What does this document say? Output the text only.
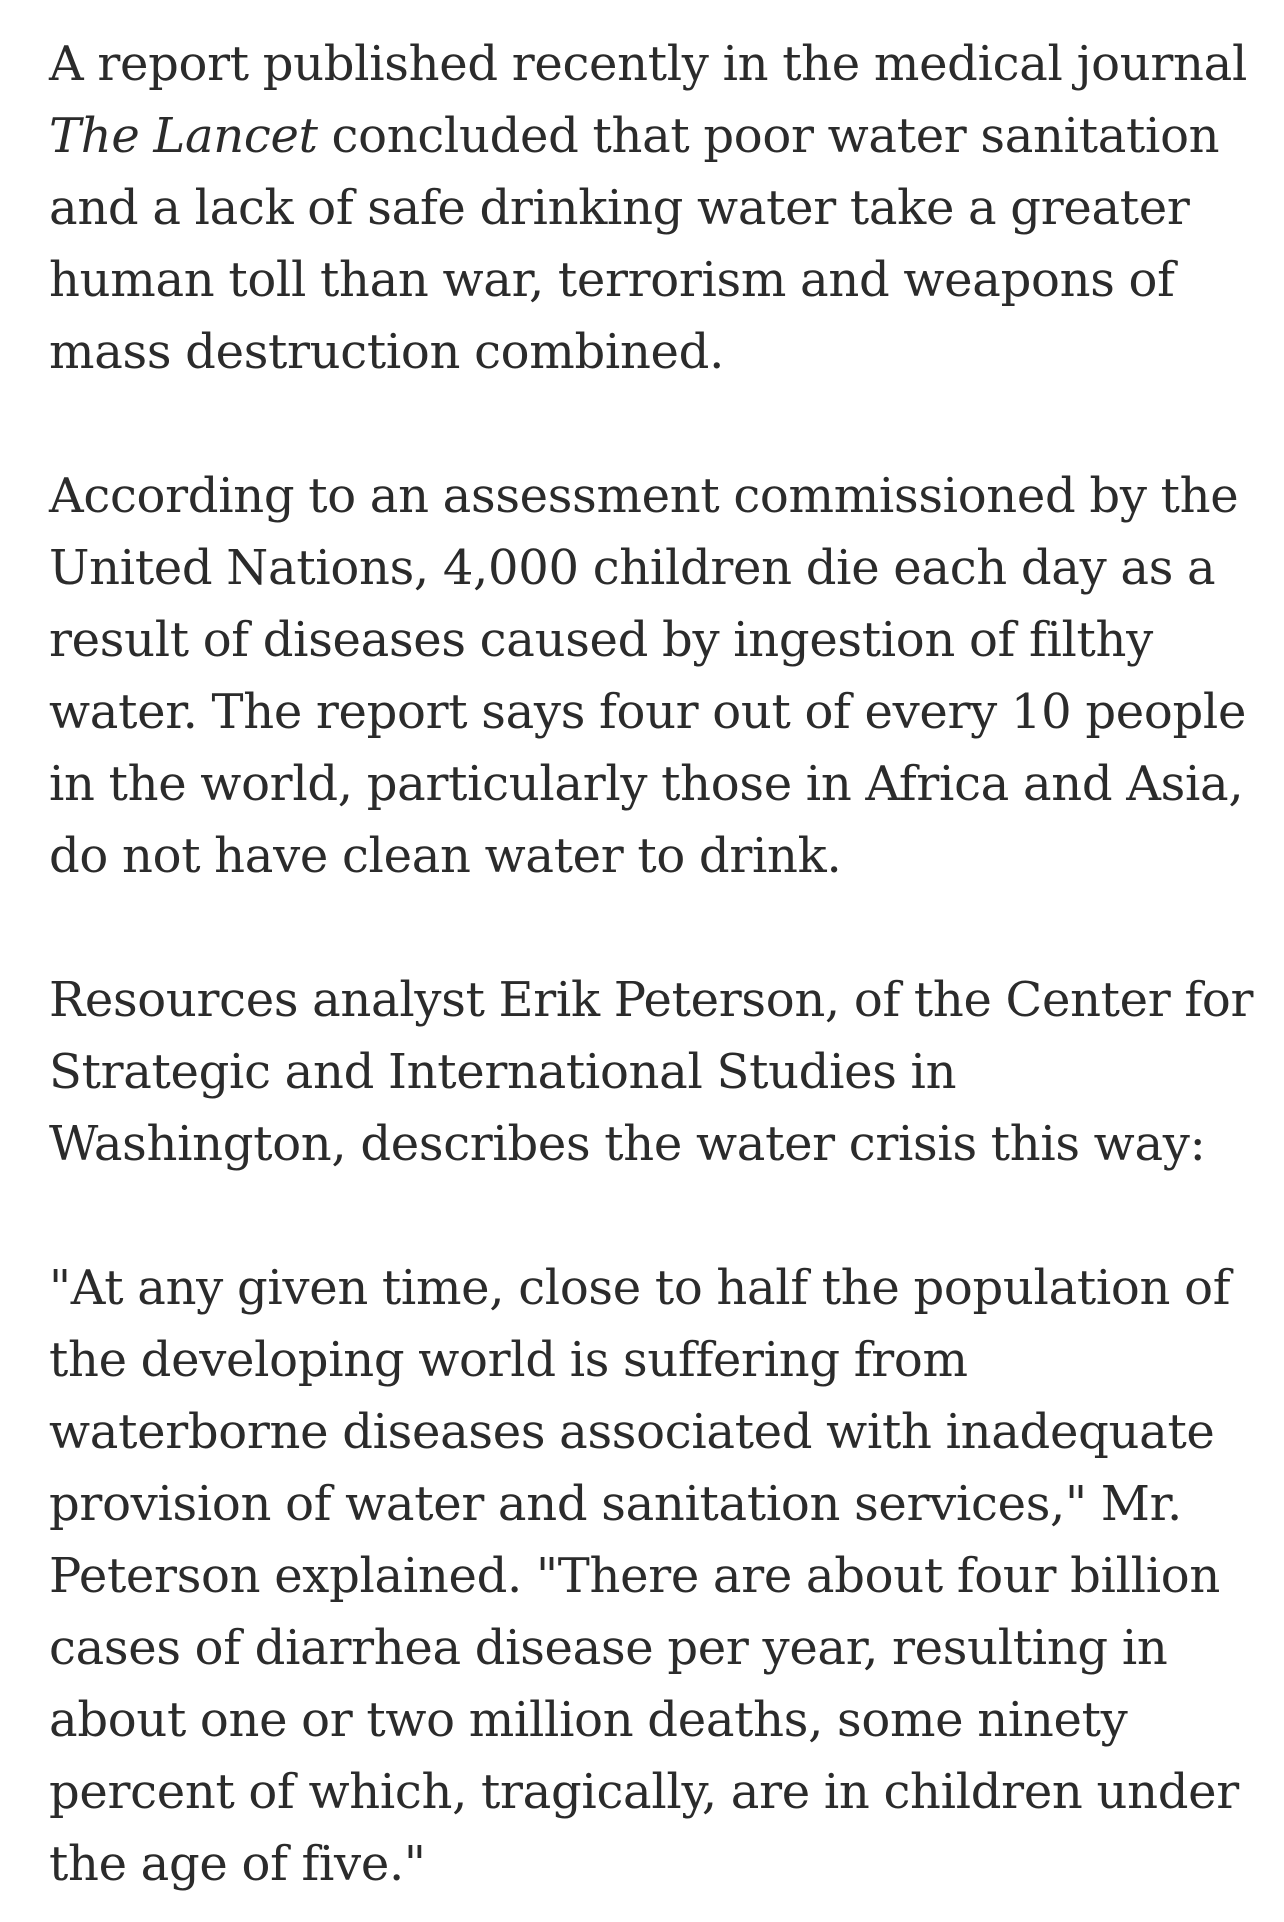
A report published recently in the medical journal
The Lancet concluded that poor water sanitation
and a lack of safe drinking water take a greater
human toll than war, terrorism and weapons of
mass destruction combined.

According to an assessment commissioned by the
United Nations, 4,000 children die each day as a
result of diseases caused by ingestion of filthy
water. The report says four out of every 10 people
in the world, particularly those in Africa and Asia,
do not have clean water to drink.

Resources analyst Erik Peterson, of the Center for
Strategic and International Studies in
Washington, describes the water crisis this way:

"At any given time, close to half the population of
the developing world is suffering from
waterborne diseases associated with inadequate
provision of water and sanitation services," Mr.
Peterson explained. "There are about four billion
cases of diarrhea disease per year, resulting in
about one or two million deaths, some ninety
percent of which, tragically, are in children under
the age of five."
